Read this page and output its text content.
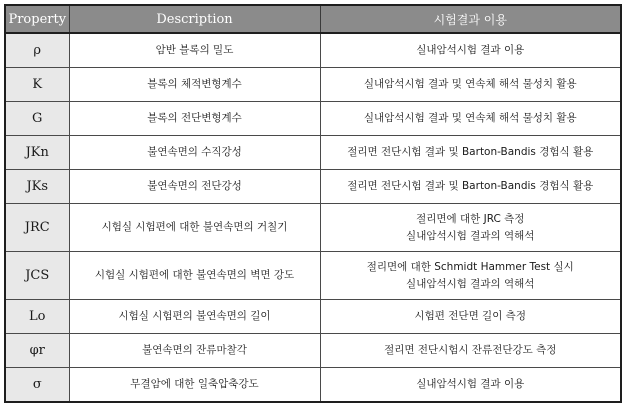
Property	Description	시험결과 이용
ρ	암반 블록의 밀도	실내암석시험 결과 이용

K	블록의 체적변형계수	실내암석시험 결과 및 연속체 해석 물성치 활용

G	블록의 전단변형계수	실내암석시험 결과 및 연속체 해석 물성치 활용

JKn	불연속면의 수직강성	절리면 전단시험 결과 및 Barton-Bandis 경험식 활용

JKs	불연속면의 전단강성	절리면 전단시험 결과 및 Barton-Bandis 경험식 활용

JRC	시험실 시험편에 대한 불연속면의 거칠기	절리면에 대한 JRC 측정
실내암석시험 결과의 역해석

JCS	시험실 시험편에 대한 불연속면의 벽면 강도	절리면에 대한 Schmidt Hammer Test 실시
실내암석시험 결과의 역해석

Lo	시험실 시험편의 불연속면의 길이	시험편 전단면 길이 측정

φr	불연속면의 잔류마찰각	절리면 전단시험시 잔류전단강도 측정

σ	무결암에 대한 일축압축강도	실내암석시험 결과 이용
